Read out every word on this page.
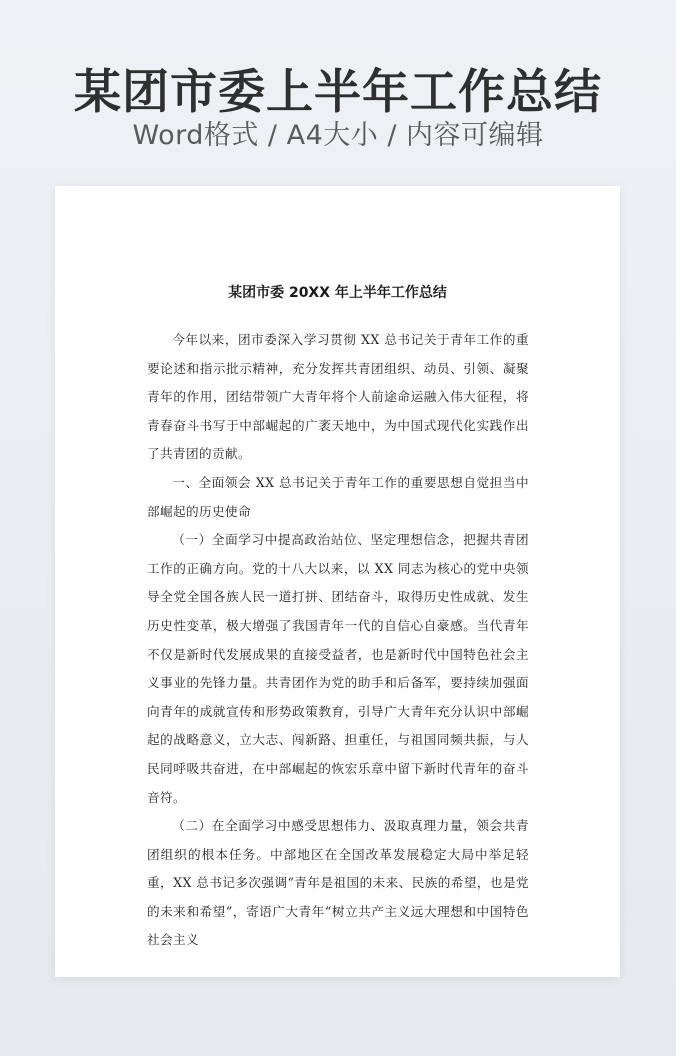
某团市委上半年工作总结
Word格式 / A4大小 / 内容可编辑
某团市委 20XX 年上半年工作总结

今年以来，团市委深入学习贯彻 XX 总书记关于青年工作的重要论述和指示批示精神，充分发挥共青团组织、动员、引领、凝聚青年的作用，团结带领广大青年将个人前途命运融入伟大征程，将青春奋斗书写于中部崛起的广袤天地中，为中国式现代化实践作出了共青团的贡献。

一、全面领会 XX 总书记关于青年工作的重要思想自觉担当中部崛起的历史使命

（一）全面学习中提高政治站位、坚定理想信念，把握共青团工作的正确方向。党的十八大以来，以 XX 同志为核心的党中央领导全党全国各族人民一道打拼、团结奋斗，取得历史性成就、发生历史性变革，极大增强了我国青年一代的自信心自豪感。当代青年不仅是新时代发展成果的直接受益者，也是新时代中国特色社会主义事业的先锋力量。共青团作为党的助手和后备军，要持续加强面向青年的成就宣传和形势政策教育，引导广大青年充分认识中部崛起的战略意义，立大志、闯新路、担重任，与祖国同频共振，与人民同呼吸共奋进，在中部崛起的恢宏乐章中留下新时代青年的奋斗音符。

（二）在全面学习中感受思想伟力、汲取真理力量，领会共青团组织的根本任务。中部地区在全国改革发展稳定大局中举足轻重，XX 总书记多次强调“青年是祖国的未来、民族的希望，也是党的未来和希望”，寄语广大青年“树立共产主义远大理想和中国特色社会主义
